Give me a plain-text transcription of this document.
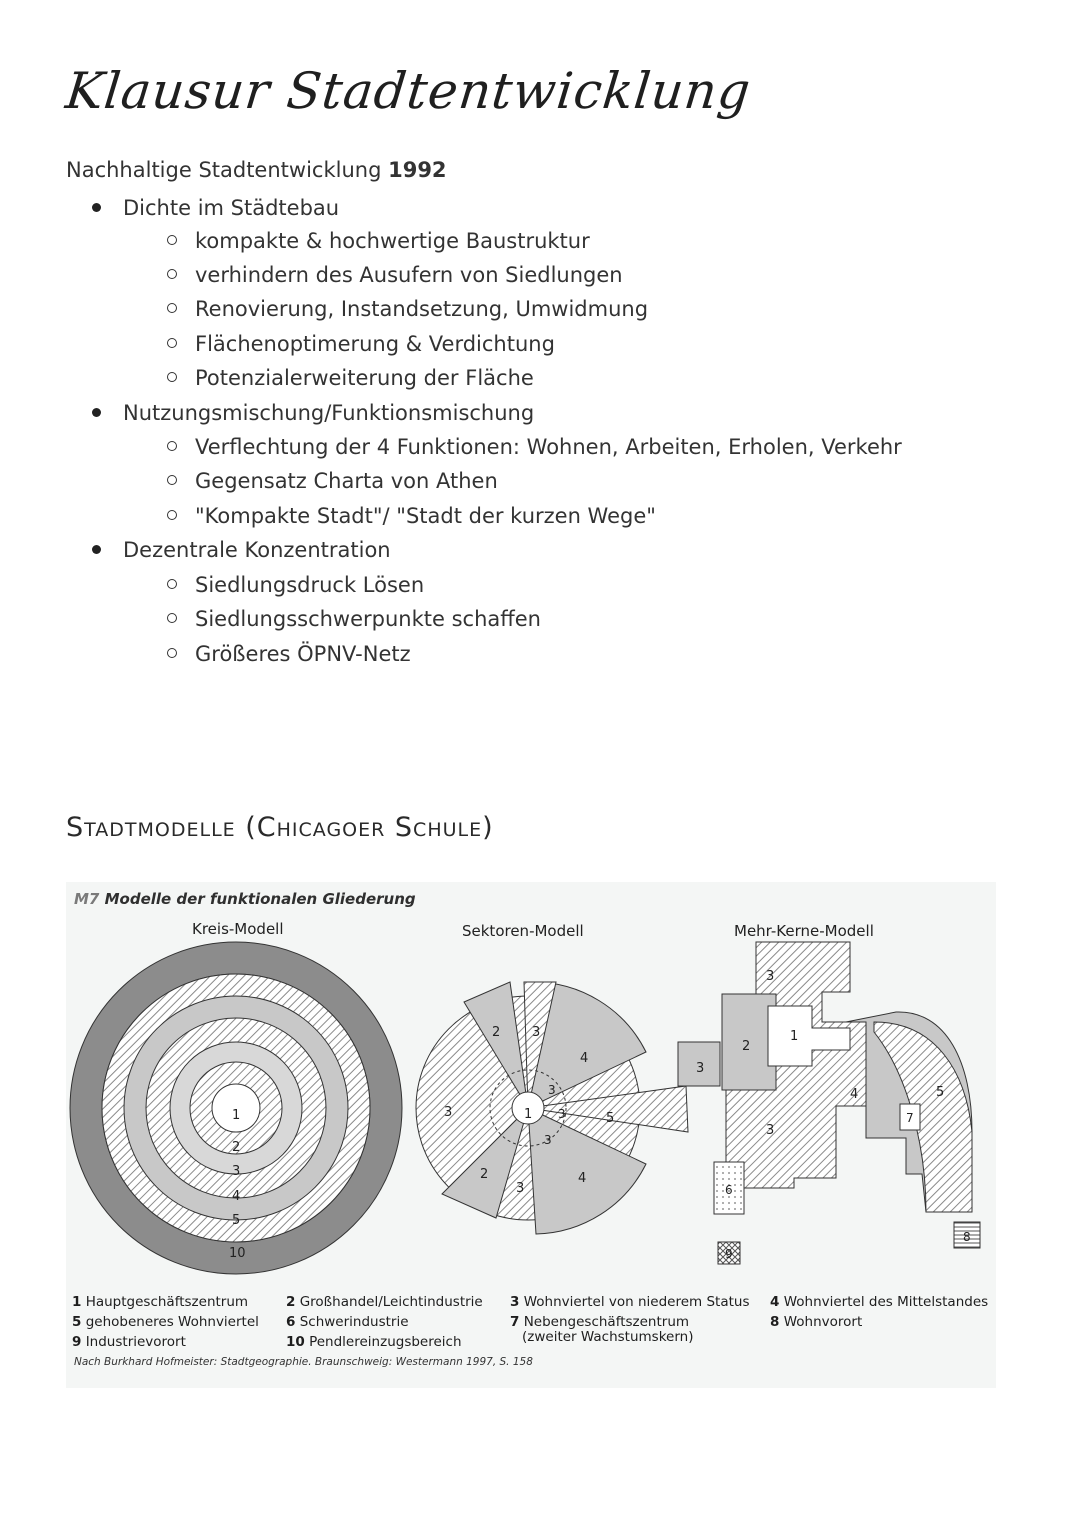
Klausur Stadtentwicklung
Nachhaltige Stadtentwicklung 1992
Dichte im Städtebau
kompakte & hochwertige Baustruktur
verhindern des Ausufern von Siedlungen
Renovierung, Instandsetzung, Umwidmung
Flächenoptimerung & Verdichtung
Potenzialerweiterung der Fläche
Nutzungsmischung/Funktionsmischung
Verflechtung der 4 Funktionen: Wohnen, Arbeiten, Erholen, Verkehr
Gegensatz Charta von Athen
"Kompakte Stadt"/ "Stadt der kurzen Wege"
Dezentrale Konzentration
Siedlungsdruck Lösen
Siedlungsschwerpunkte schaffen
Größeres ÖPNV-Netz
Stadtmodelle (Chicagoer Schule)
M7 Modelle der funktionalen Gliederung
Kreis-Modell	Sektoren-Modell	Mehr-Kerne-Modell
1
2
3
4
5
10
1
2 3
4
5
3
2
3
3
3
4
3
1
2
3
3
3
4	5
6
7
8
9
1 Hauptgeschäftszentrum
5 gehobeneres Wohnviertel
9 Industrievorort
2 Großhandel/Leichtindustrie
6 Schwerindustrie
10 Pendlereinzugsbereich
3 Wohnviertel von niederem Status
7 Nebengeschäftszentrum
(zweiter Wachstumskern)
4 Wohnviertel des Mittelstandes
8 Wohnvorort
Nach Burkhard Hofmeister: Stadtgeographie. Braunschweig: Westermann 1997, S. 158
